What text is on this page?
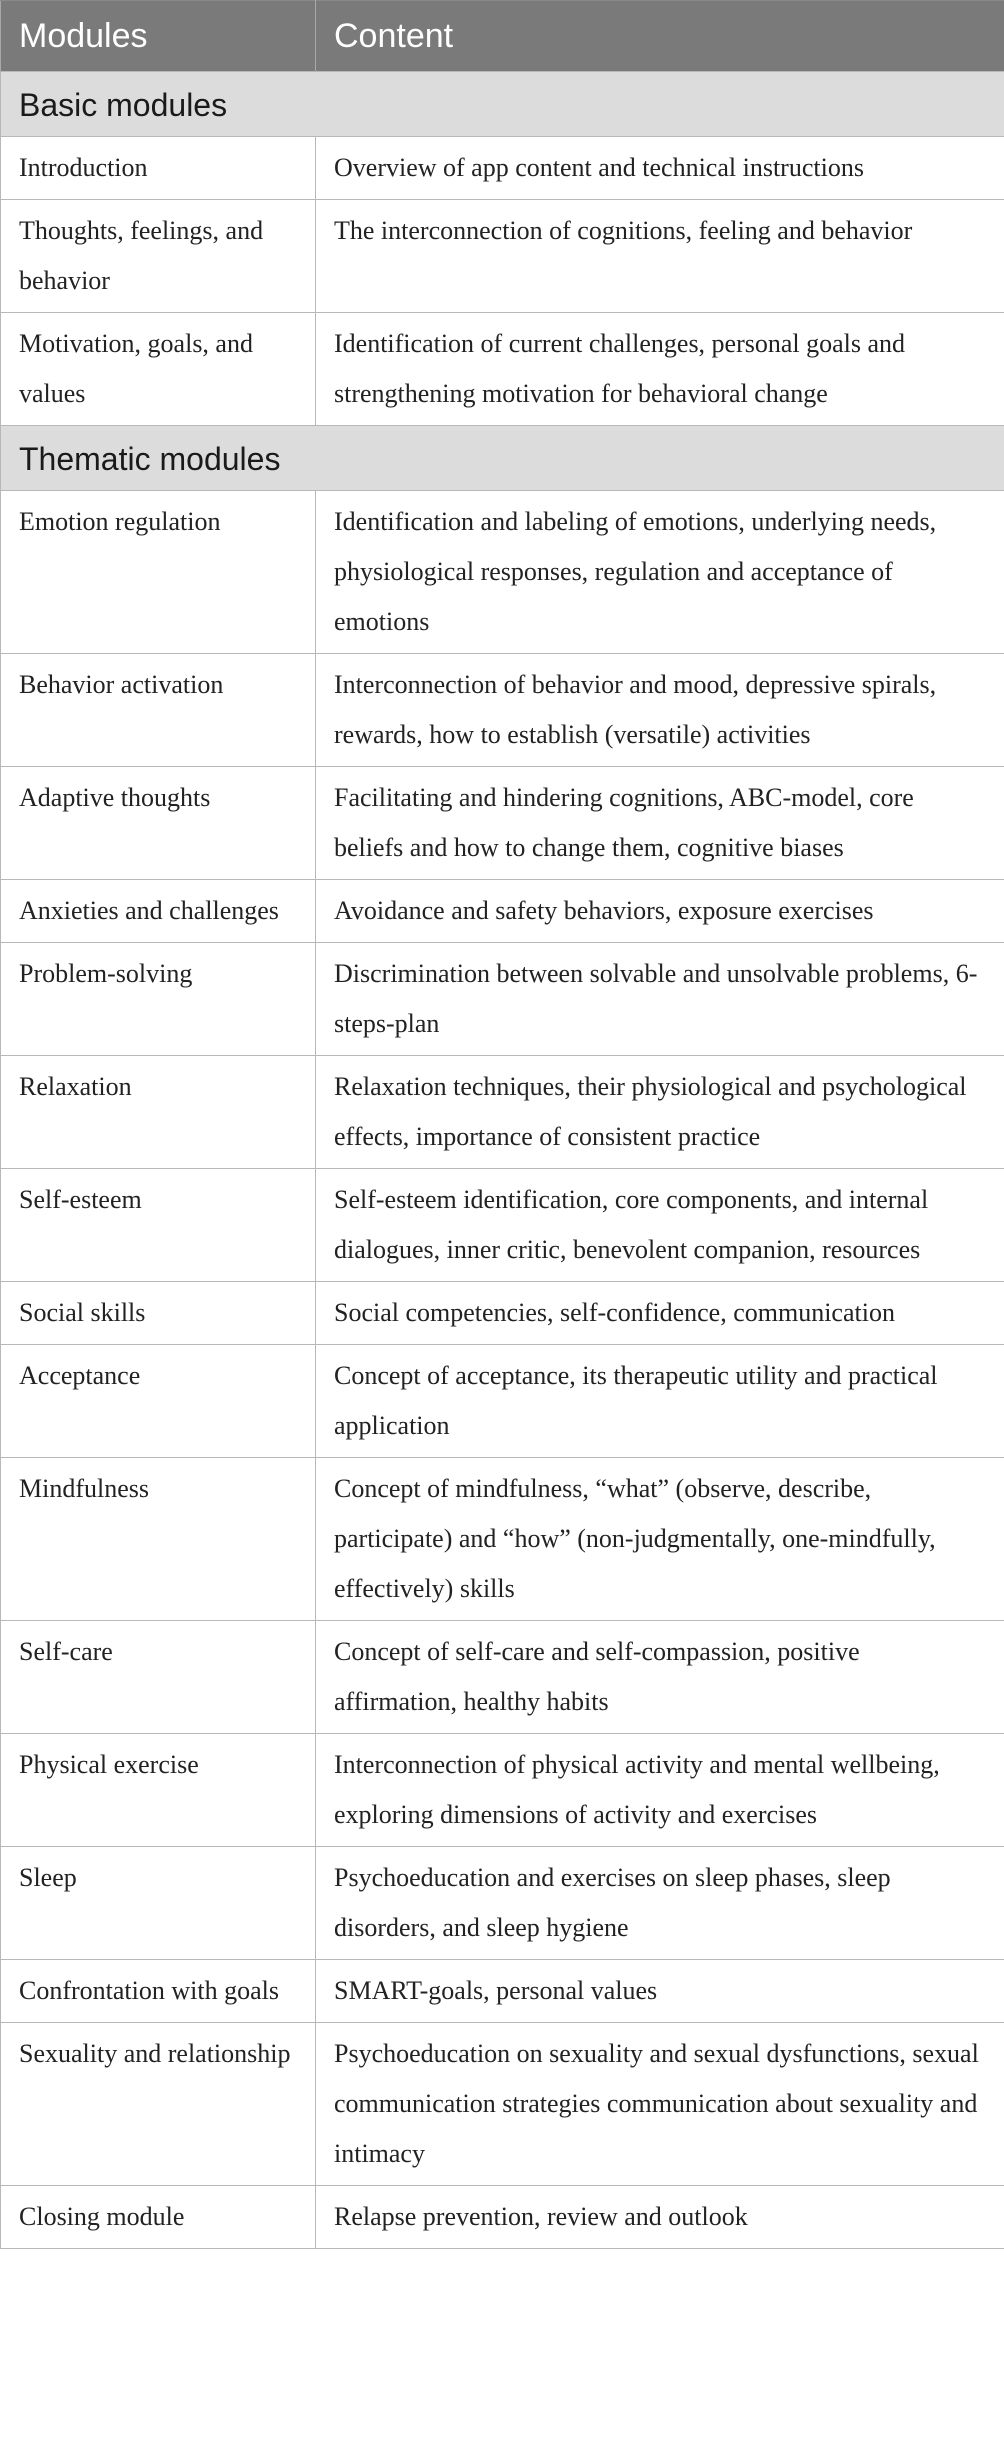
Modules	Content
Basic modules	
Introduction	Overview of app content and technical instructions
Thoughts, feelings, and behavior	The interconnection of cognitions, feeling and behavior
Motivation, goals, and values	Identification of current challenges, personal goals and strengthening motivation for behavioral change
Thematic modules	
Emotion regulation	Identification and labeling of emotions, underlying needs, physiological responses, regulation and acceptance of emotions
Behavior activation	Interconnection of behavior and mood, depressive spirals, rewards, how to establish (versatile) activities
Adaptive thoughts	Facilitating and hindering cognitions, ABC-model, core beliefs and how to change them, cognitive biases
Anxieties and challenges	Avoidance and safety behaviors, exposure exercises
Problem-solving	Discrimination between solvable and unsolvable problems, 6-steps-plan
Relaxation	Relaxation techniques, their physiological and psychological effects, importance of consistent practice
Self-esteem	Self-esteem identification, core components, and internal dialogues, inner critic, benevolent companion, resources
Social skills	Social competencies, self-confidence, communication
Acceptance	Concept of acceptance, its therapeutic utility and practical application
Mindfulness	Concept of mindfulness, “what” (observe, describe, participate) and “how” (non-judgmentally, one-mindfully, effectively) skills
Self-care	Concept of self-care and self-compassion, positive affirmation, healthy habits
Physical exercise	Interconnection of physical activity and mental wellbeing, exploring dimensions of activity and exercises
Sleep	Psychoeducation and exercises on sleep phases, sleep disorders, and sleep hygiene
Confrontation with goals	SMART-goals, personal values
Sexuality and relationship	Psychoeducation on sexuality and sexual dysfunctions, sexual communication strategies communication about sexuality and intimacy
Closing module	Relapse prevention, review and outlook
